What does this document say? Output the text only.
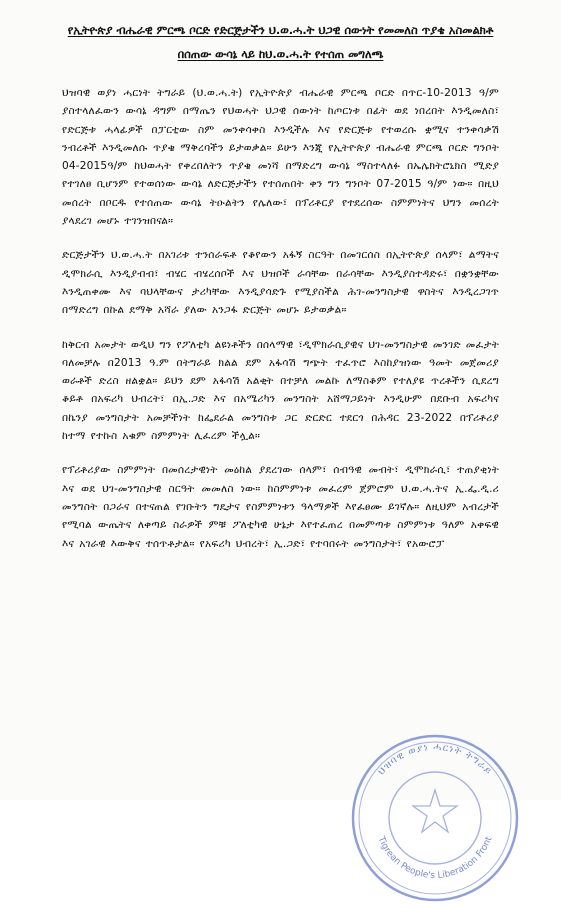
የኢትዮጵያ ብሔራዊ ምርጫ ቦርድ የድርጅታችን ህ.ወ.ሓ.ት ህጋዊ ሰውነት የመመለስ ጥያቄ አስመልክቶ በሰጠው ውሳኔ ላይ ከህ.ወ.ሓ.ት የተሰጠ መግለጫ

ህዝባዊ ወያነ ሓርነት ትግራይ (ህ.ወ.ሓ.ት) የኢትዮጵያ ብሔራዊ ምርጫ ቦርድ በጥር-10-2013 ዓ/ም ያስተላለፈውን ውሳኔ ዳግም በማጤን የህወሓት ህጋዊ ሰውነት ከጦርነቱ በፊት ወደ ነበረበት እንዲመለስ፣ የድርጅቱ ሓላፊዎች በፓርቲው ስም መንቀሳቀስ እንዲችሉ እና የድርጅቱ የተወረሱ ቋሚና ተንቀሳቃሽ ንብረቶች እንዲመለሱ ጥያቄ ማቅረባችን ይታወቃል። ይሁን እንጂ የኢትዮጵያ ብሔራዊ ምርጫ ቦርድ ግንቦት 04-2015ዓ/ም ከህወሓት የቀረበለትን ጥያቄ መነሻ በማድረግ ውሳኔ ማስተላለፉ በኤሌክትሮኒክስ ሚድያ የተገለፀ ቢሆንም የተወሰነው ውሳኔ ለድርጅታችን የተሰጠበት ቀን ግን ግንቦት 07-2015 ዓ/ም ነው። በዚህ መሰረት በቦርዱ የተሰጠው ውሳኔ ትዑልትን የሌለው፣ በፕሪቶርያ የተደረሰው ስምምነትና ህግን መሰረት ያላደረገ መሆኑ ተገንዝበናል።

ድርጅታችን ህ.ወ.ሓ.ት በአገሪቱ ተንሰራፍቶ የቆየውን አፋኝ ስርዓት በመገርሰስ በኢትዮጵያ ሰላም፣ ልማትና ዲሞክራሲ እንዲያብብ፣ ብሄር ብሄረሰቦች እና ህዝቦች ራሳቸው በራሳቸው እንዲያስተዳድሩ፣ በቋንቋቸው እንዲጠቀሙ እና ባህላቸውና ታሪካቸው እንዲያሳድጉ የሚያስችል ሕገ-መንግስታዊ ዋስትና እንዲረጋገጥ በማድረግ በኩል ደማቅ አሻራ ያለው አንጋፋ ድርጅት መሆኑ ይታወቃል።

ከቅርብ አመታት ወዲህ ግን የፖለቲካ ልዩነቶችን በሰላማዊ ፣ዲሞክራሲያዊና ህገ-መንግስታዊ መንገድ መፈታት ባለመቻሉ በ2013 ዓ.ም በትግራይ ክልል ደም አፋሳሽ ግጭት ተፈጥሮ እስከያዝነው ዓመት መጀመሪያ ወራቶች ድረስ ዘልቋል። ይህን ደም አፋሳሽ አልቂት በተቻለ መልኩ ለማስቆም የተለያዩ ጥረቶችን ሲደረግ ቆይቶ በአፍሪካ ህብረት፣ በኢ.ጋድ እና በአሜሪካን መንግስት አሸማጋይነት እንዲሁም በደቡብ አፍሪካና በኬንያ መንግስታት አመቻችነት ከፌደራል መንግስቱ ጋር ድርድር ተደርጎ በሕዳር 23-2022 በፕሪቶሪያ ከተማ የተኩስ አቁም ስምምነት ሊፈረም ችሏል።

የፕሪቶሪያው ስምምነት በመሰረታዊነት መዕከል ያደረገው ሰላም፣ ሰብዓዊ መብት፣ ዲሞክራሲ፣ ተጠያቂነት እና ወደ ህገ-መንግስታዊ ስርዓት መመለስ ነው። ከስምምነቱ መፈረም ጀምሮም ህ.ወ.ሓ.ትና ኢ.ፌ.ዲ.ሪ መንግስት በጋራና በተናጠል የገቡትን ግዴታና የስምምነቱን ዓላማዎች እየፈፀሙ ይገኛሉ። ለዚህም አብረታች የሚባል ውጤትና ለቀጣይ ስራዎች ምቹ ፖለቲካዊ ሁኔታ እየተፈጠረ በመምጣቱ ስምምነቱ ዓለም አቀፍዊ እና አገራዊ እውቅና ተሰጥቶታል። የአፍሪካ ህብረት፣ ኢ.ጋድ፣ የተባበሩት መንግስታት፣ የአውሮፓ

ህዝባዊ ወያነ ሓርነት ትግራይ
Tigrean People's Liberation Front
